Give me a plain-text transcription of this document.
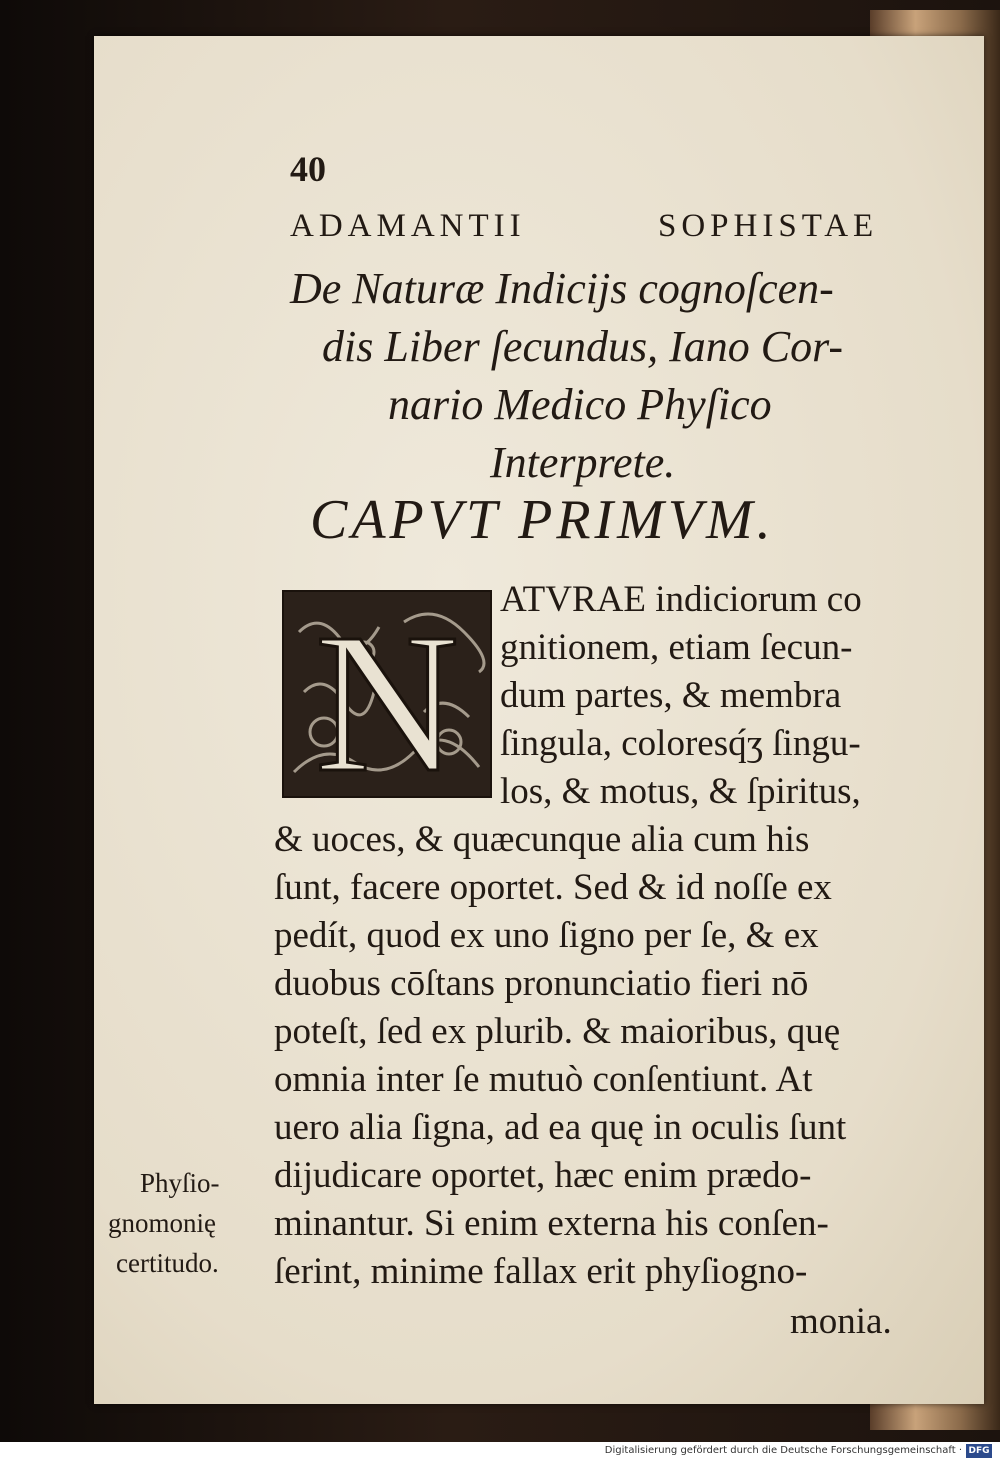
40
ADAMANTII	SOPHISTAE
De Naturæ Indicijs cognoſcen-
dis Liber ſecundus, Iano Cor-
nario Medico Phyſico
Interprete.
CAPVT PRIMVM.
N ATVRAE indiciorum co
gnitionem, etiam ſecun-
dum partes, & membra
ſingula, coloresq́ʒ ſingu-
los, & motus, & ſpiritus,
& uoces, & quæcunque alia cum his
ſunt, facere oportet. Sed & id noſſe ex
pedít, quod ex uno ſigno per ſe, & ex
duobus cōſtans pronunciatio fieri nō
poteſt, ſed ex plurib. & maioribus, quę
omnia inter ſe mutuò conſentiunt. At
uero alia ſigna, ad ea quę in oculis ſunt
dijudicare oportet, hæc enim prædo-
minantur. Si enim externa his conſen-
ſerint, minime fallax erit phyſiogno-
monia.
Phyſio-
gnomonię
certitudo.
Digitalisierung gefördert durch die Deutsche Forschungsgemeinschaft · DFG
